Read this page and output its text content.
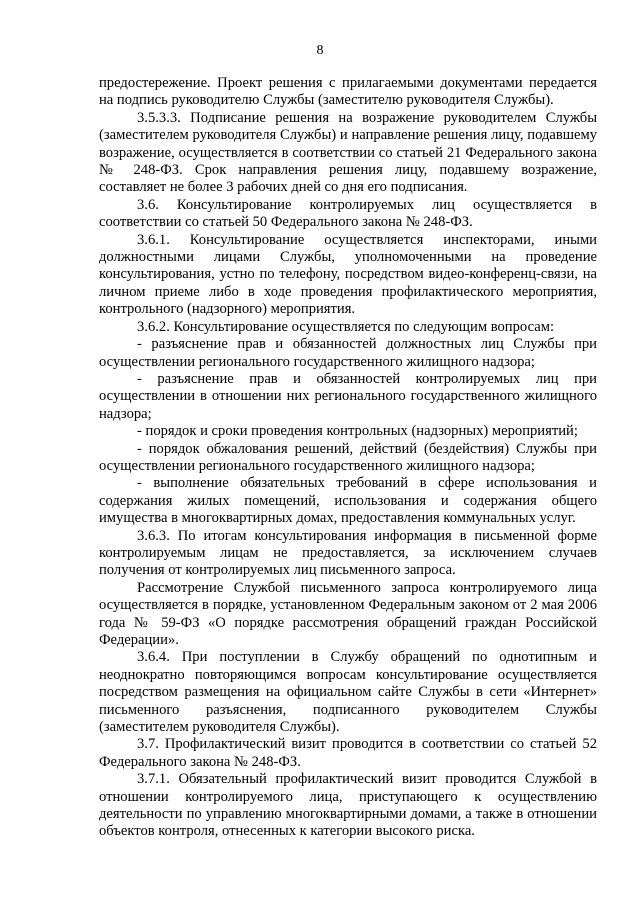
8

предостережение. Проект решения с прилагаемыми документами передается на подпись руководителю Службы (заместителю руководителя Службы).

3.5.3.3. Подписание решения на возражение руководителем Службы (заместителем руководителя Службы) и направление решения лицу, подавшему возражение, осуществляется в соответствии со статьей 21 Федерального закона № 248-ФЗ. Срок направления решения лицу, подавшему возражение, составляет не более 3 рабочих дней со дня его подписания.

3.6. Консультирование контролируемых лиц осуществляется в соответствии со статьей 50 Федерального закона № 248-ФЗ.

3.6.1. Консультирование осуществляется инспекторами, иными должностными лицами Службы, уполномоченными на проведение консультирования, устно по телефону, посредством видео-конференц-связи, на личном приеме либо в ходе проведения профилактического мероприятия, контрольного (надзорного) мероприятия.

3.6.2. Консультирование осуществляется по следующим вопросам:

- разъяснение прав и обязанностей должностных лиц Службы при осуществлении регионального государственного жилищного надзора;

- разъяснение прав и обязанностей контролируемых лиц при осуществлении в отношении них регионального государственного жилищного надзора;

- порядок и сроки проведения контрольных (надзорных) мероприятий;

- порядок обжалования решений, действий (бездействия) Службы при осуществлении регионального государственного жилищного надзора;

- выполнение обязательных требований в сфере использования и содержания жилых помещений, использования и содержания общего имущества в многоквартирных домах, предоставления коммунальных услуг.

3.6.3. По итогам консультирования информация в письменной форме контролируемым лицам не предоставляется, за исключением случаев получения от контролируемых лиц письменного запроса.

Рассмотрение Службой письменного запроса контролируемого лица осуществляется в порядке, установленном Федеральным законом от 2 мая 2006 года № 59-ФЗ «О порядке рассмотрения обращений граждан Российской Федерации».

3.6.4. При поступлении в Службу обращений по однотипным и неоднократно повторяющимся вопросам консультирование осуществляется посредством размещения на официальном сайте Службы в сети «Интернет» письменного разъяснения, подписанного руководителем Службы (заместителем руководителя Службы).

3.7. Профилактический визит проводится в соответствии со статьей 52 Федерального закона № 248-ФЗ.

3.7.1. Обязательный профилактический визит проводится Службой в отношении контролируемого лица, приступающего к осуществлению деятельности по управлению многоквартирными домами, а также в отношении объектов контроля, отнесенных к категории высокого риска.
